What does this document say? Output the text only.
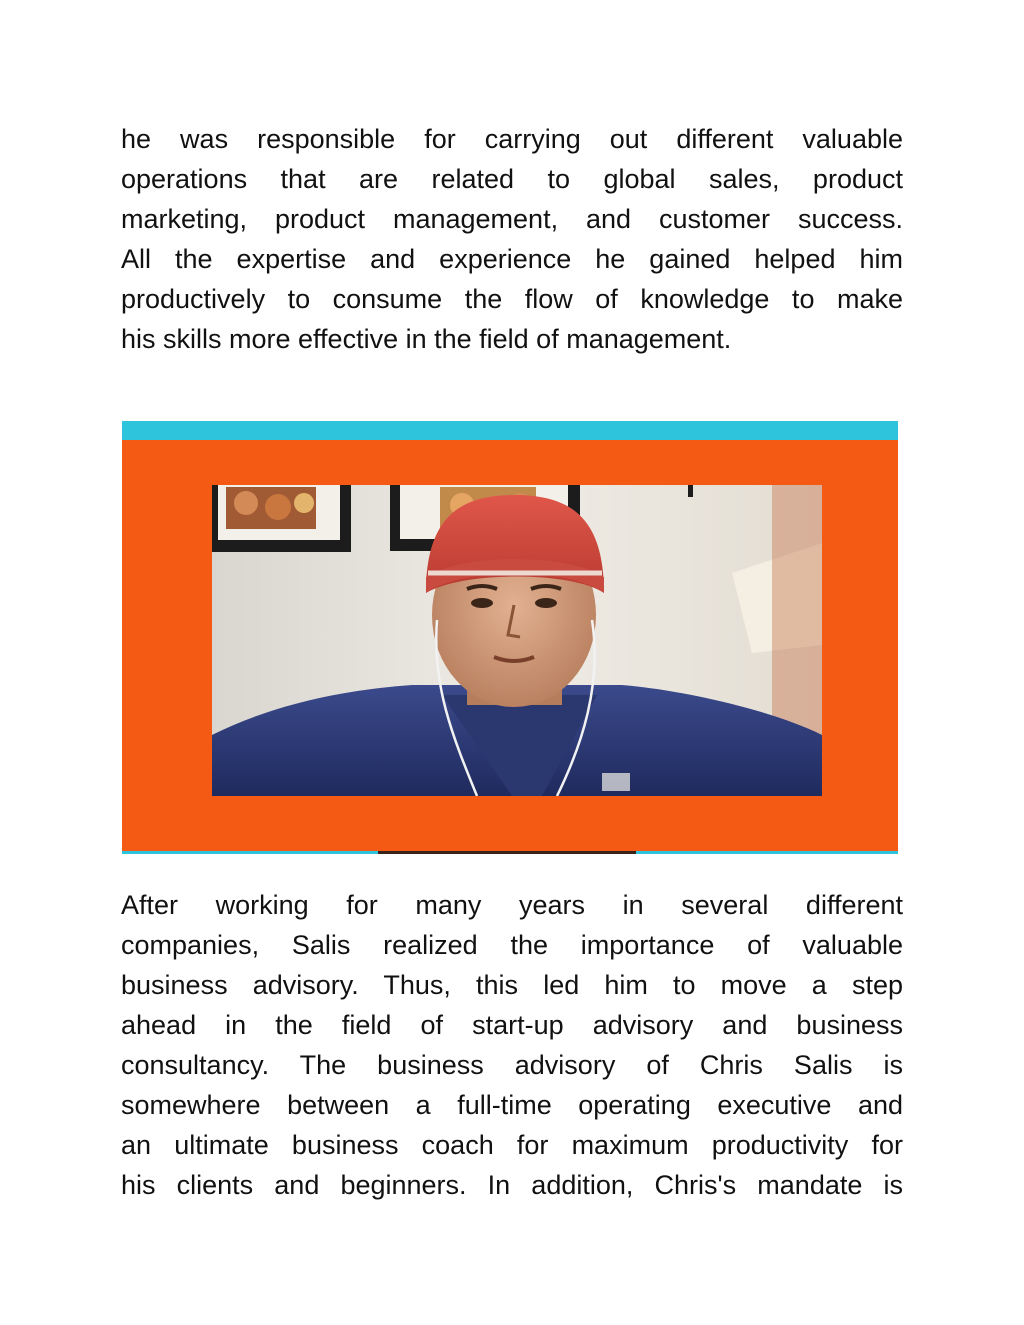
he was responsible for carrying out different valuable
operations that are related to global sales, product
marketing, product management, and customer success.
All the expertise and experience he gained helped him
productively to consume the flow of knowledge to make
his skills more effective in the field of management.
After working for many years in several different
companies, Salis realized the importance of valuable
business advisory. Thus, this led him to move a step
ahead in the field of start-up advisory and business
consultancy. The business advisory of Chris Salis is
somewhere between a full-time operating executive and
an ultimate business coach for maximum productivity for
his clients and beginners. In addition, Chris's mandate is
